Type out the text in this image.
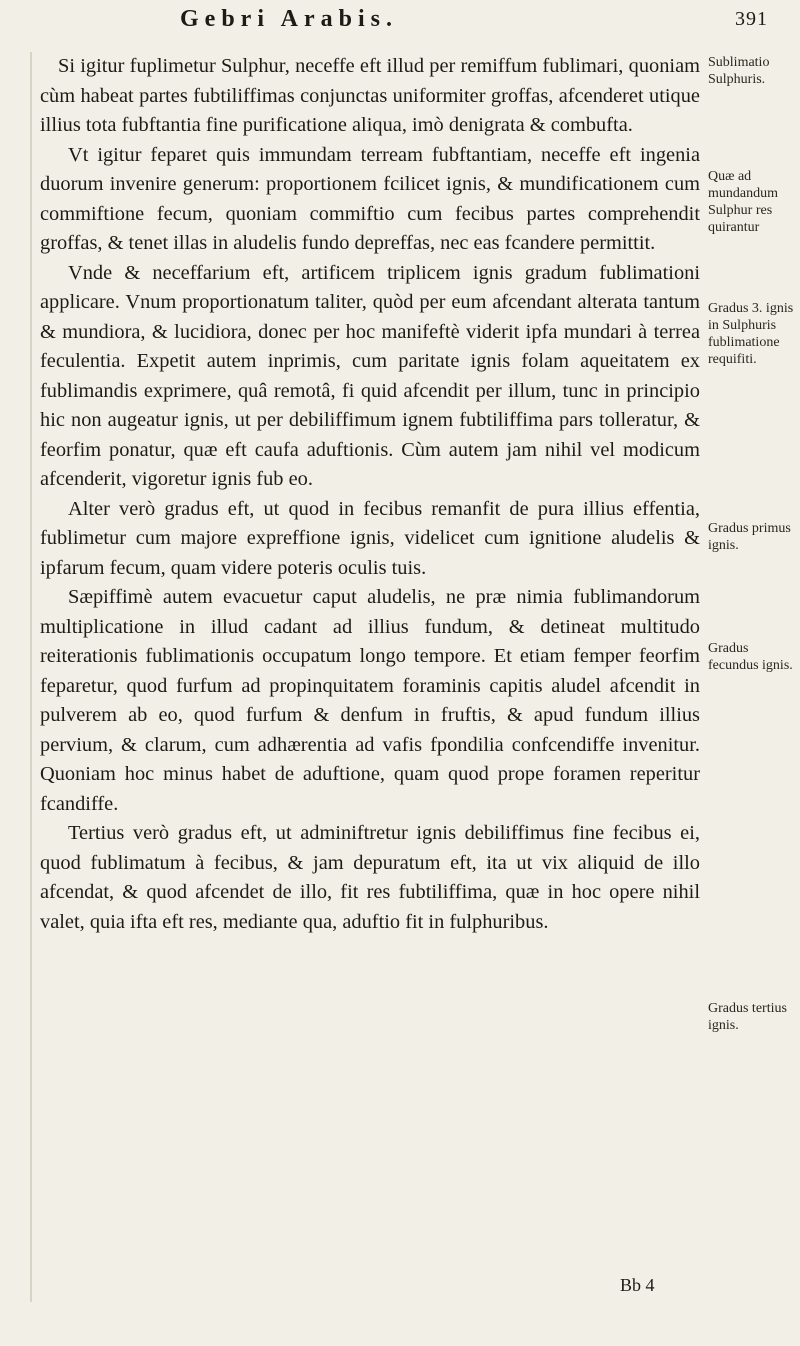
Gebri Arabis.	391

Si igitur fuplimetur Sulphur, neceffe eft illud per remiffum fublimari, quoniam cùm habeat partes fubtiliffimas conjunctas uniformiter groffas, afcenderet utique illius tota fubftantia fine purificatione aliqua, imò denigrata & combufta.

Vt igitur feparet quis immundam terream fubftantiam, neceffe eft ingenia duorum invenire generum: proportionem fcilicet ignis, & mundificationem cum commiftione fecum, quoniam commiftio cum fecibus partes comprehendit groffas, & tenet illas in aludelis fundo depreffas, nec eas fcandere permittit.

Vnde & neceffarium eft, artificem triplicem ignis gradum fublimationi applicare. Vnum proportionatum taliter, quòd per eum afcendant alterata tantum & mundiora, & lucidiora, donec per hoc manifeftè viderit ipfa mundari à terrea feculentia. Expetit autem inprimis, cum paritate ignis folam aqueitatem ex fublimandis exprimere, quâ remotâ, fi quid afcendit per illum, tunc in principio hic non augeatur ignis, ut per debiliffimum ignem fubtiliffima pars tolleratur, & feorfim ponatur, quæ eft caufa aduftionis. Cùm autem jam nihil vel modicum afcenderit, vigoretur ignis fub eo.

Alter verò gradus eft, ut quod in fecibus remanfit de pura illius effentia, fublimetur cum majore expreffione ignis, videlicet cum ignitione aludelis & ipfarum fecum, quam videre poteris oculis tuis.

Sæpiffimè autem evacuetur caput aludelis, ne præ nimia fublimandorum multiplicatione in illud cadant ad illius fundum, & detineat multitudo reiterationis fublimationis occupatum longo tempore. Et etiam femper feorfim feparetur, quod furfum ad propinquitatem foraminis capitis aludel afcendit in pulverem ab eo, quod furfum & denfum in fruftis, & apud fundum illius pervium, & clarum, cum adhærentia ad vafis fpondilia confcendiffe invenitur. Quoniam hoc minus habet de aduftione, quam quod prope foramen reperitur fcandiffe.

Tertius verò gradus eft, ut adminiftretur ignis debiliffimus fine fecibus ei, quod fublimatum à fecibus, & jam depuratum eft, ita ut vix aliquid de illo afcendat, & quod afcendet de illo, fit res fubtiliffima, quæ in hoc opere nihil valet, quia ifta eft res, mediante qua, aduftio fit in fulphuribus.

Sublimatio Sulphuris.
Quæ ad mundandum Sulphur res quirantur
Gradus 3. ignis in Sulphuris fublimatione requifiti.
Gradus primus ignis.
Gradus fecundus ignis.
Gradus tertius ignis.
Bb 4
